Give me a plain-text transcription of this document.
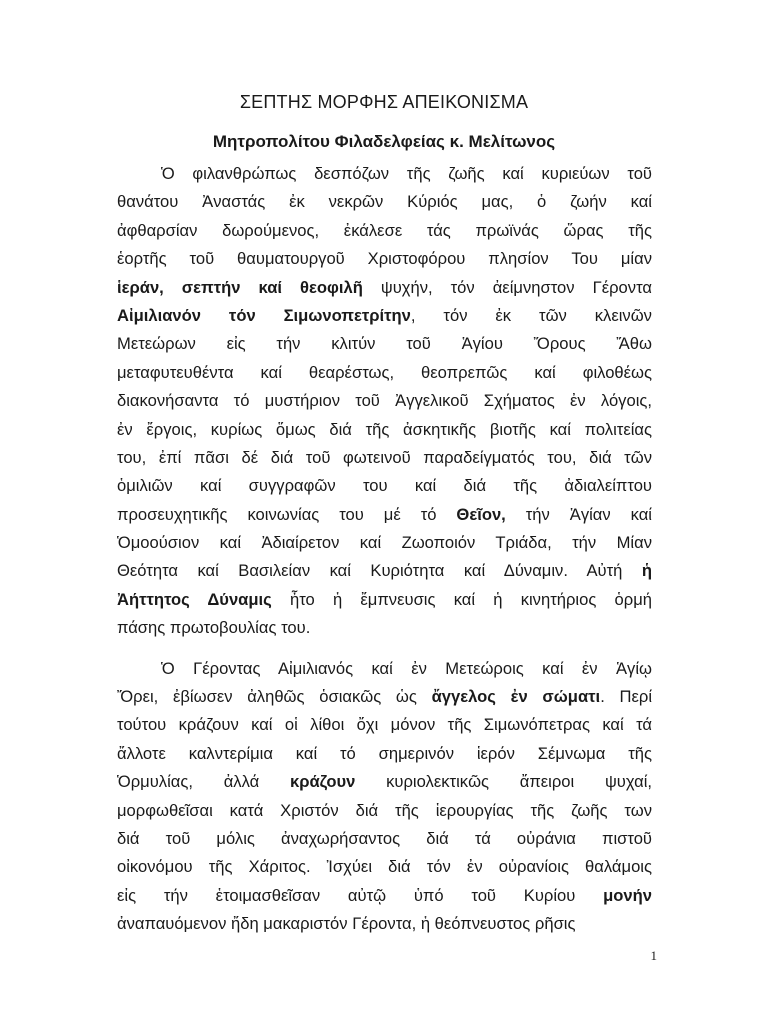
ΣΕΠΤΗΣ ΜΟΡΦΗΣ ΑΠΕΙΚΟΝΙΣΜΑ
Μητροπολίτου Φιλαδελφείας κ. Μελίτωνος
Ὁ φιλανθρώπως δεσπόζων τῆς ζωῆς καί κυριεύων τοῦ
θανάτου Ἀναστάς ἐκ νεκρῶν Κύριός μας, ὁ ζωήν καί
ἀφθαρσίαν δωρούμενος, ἐκάλεσε τάς πρωϊνάς ὥρας τῆς
ἑορτῆς τοῦ θαυματουργοῦ Χριστοφόρου πλησίον Του μίαν
ἱεράν, σεπτήν καί θεοφιλῆ ψυχήν, τόν ἀείμνηστον Γέροντα
Αἰμιλιανόν τόν Σιμωνοπετρίτην, τόν ἐκ τῶν κλεινῶν
Μετεώρων εἰς τήν κλιτύν τοῦ Ἁγίου Ὄρους Ἄθω
μεταφυτευθέντα καί θεαρέστως, θεοπρεπῶς καί φιλοθέως
διακονήσαντα τό μυστήριον τοῦ Ἀγγελικοῦ Σχήματος ἐν λόγοις,
ἐν ἔργοις, κυρίως ὅμως διά τῆς ἀσκητικῆς βιοτῆς καί πολιτείας
του, ἐπί πᾶσι δέ διά τοῦ φωτεινοῦ παραδείγματός του, διά τῶν
ὁμιλιῶν καί συγγραφῶν του καί διά τῆς ἀδιαλείπτου
προσευχητικῆς κοινωνίας του μέ τό Θεῖον, τήν Ἁγίαν καί
Ὁμοούσιον καί Ἀδιαίρετον καί Ζωοποιόν Τριάδα, τήν Μίαν
Θεότητα καί Βασιλείαν καί Κυριότητα καί Δύναμιν. Αὐτή ἡ
Ἀήττητος Δύναμις ἦτο ἡ ἔμπνευσις καί ἡ κινητήριος ὁρμή
πάσης πρωτοβουλίας του.
Ὁ Γέροντας Αἰμιλιανός καί ἐν Μετεώροις καί ἐν Ἁγίῳ
Ὄρει, ἐβίωσεν ἀληθῶς ὁσιακῶς ὡς ἄγγελος ἐν σώματι. Περί
τούτου κράζουν καί οἱ λίθοι ὄχι μόνον τῆς Σιμωνόπετρας καί τά
ἄλλοτε καλντερίμια καί τό σημερινόν ἱερόν Σέμνωμα τῆς
Ὁρμυλίας, ἀλλά κράζουν κυριολεκτικῶς ἄπειροι ψυχαί,
μορφωθεῖσαι κατά Χριστόν διά τῆς ἱερουργίας τῆς ζωῆς των
διά τοῦ μόλις ἀναχωρήσαντος διά τά οὐράνια πιστοῦ
οἰκονόμου τῆς Χάριτος. Ἰσχύει διά τόν ἐν οὐρανίοις θαλάμοις
εἰς τήν ἑτοιμασθεῖσαν αὐτῷ ὑπό τοῦ Κυρίου μονήν
ἀναπαυόμενον ἤδη μακαριστόν Γέροντα, ἡ θεόπνευστος ρῆσις
1
